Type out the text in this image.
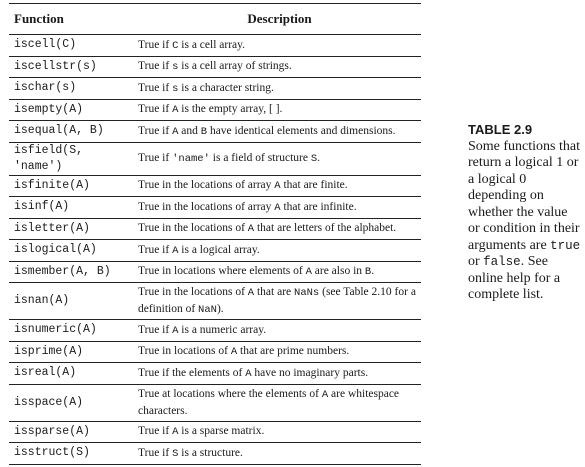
Function	Description
iscell(C)	True if C is a cell array.
iscellstr(s)	True if s is a cell array of strings.
ischar(s)	True if s is a character string.
isempty(A)	True if A is the empty array, [ ].
isequal(A, B)	True if A and B have identical elements and dimensions.
isfield(S, 'name')	True if 'name' is a field of structure S.
isfinite(A)	True in the locations of array A that are finite.
isinf(A)	True in the locations of array A that are infinite.
isletter(A)	True in the locations of A that are letters of the alphabet.
islogical(A)	True if A is a logical array.
ismember(A, B)	True in locations where elements of A are also in B.
isnan(A)	True in the locations of A that are NaNs (see Table 2.10 for a definition of NaN).
isnumeric(A)	True if A is a numeric array.
isprime(A)	True in locations of A that are prime numbers.
isreal(A)	True if the elements of A have no imaginary parts.
isspace(A)	True at locations where the elements of A are whitespace characters.
issparse(A)	True if A is a sparse matrix.
isstruct(S)	True if S is a structure.
TABLE 2.9
Some functions that return a logical 1 or a logical 0 depending on whether the value or condition in their arguments are true or false. See online help for a complete list.
